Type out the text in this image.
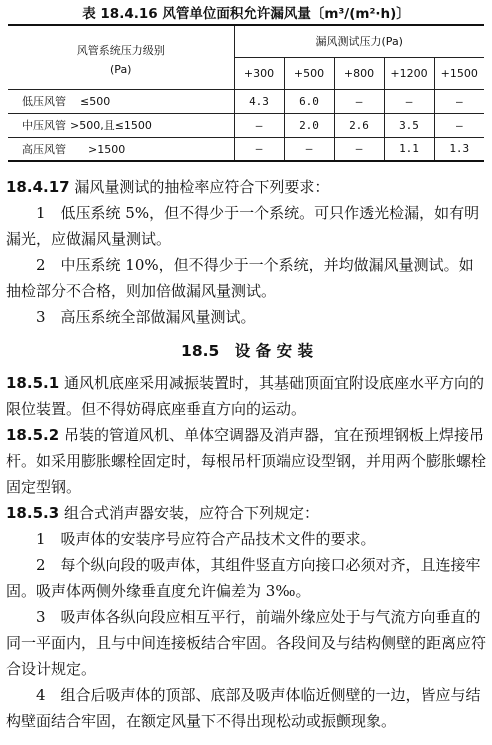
表 18.4.16 风管单位面积允许漏风量〔m³/(m²·h)〕
风管系统压力级别
(Pa)	漏风测试压力(Pa)				
	+300	+500	+800	+1200	+1500
低压风管 ≤500	4.3	6.0	—	—	—
中压风管 >500,且≤1500	—	2.0	2.6	3.5	—
高压风管 >1500	—	—	—	1.1	1.3

18.4.17 漏风量测试的抽检率应符合下列要求：

1　低压系统 5%，但不得少于一个系统。可只作透光检漏，如有明漏光，应做漏风量测试。

2　中压系统 10%，但不得少于一个系统，并均做漏风量测试。如抽检部分不合格，则加倍做漏风量测试。

3　高压系统全部做漏风量测试。

18.5　设 备 安 装

18.5.1 通风机底座采用减振装置时，其基础顶面宜附设底座水平方向的限位装置。但不得妨碍底座垂直方向的运动。

18.5.2 吊装的管道风机、单体空调器及消声器，宜在预埋钢板上焊接吊杆。如采用膨胀螺栓固定时，每根吊杆顶端应设型钢，并用两个膨胀螺栓固定型钢。

18.5.3 组合式消声器安装，应符合下列规定：

1　吸声体的安装序号应符合产品技术文件的要求。

2　每个纵向段的吸声体，其组件竖直方向接口必须对齐，且连接牢固。吸声体两侧外缘垂直度允许偏差为 3‰。

3　吸声体各纵向段应相互平行，前端外缘应处于与气流方向垂直的同一平面内，且与中间连接板结合牢固。各段间及与结构侧壁的距离应符合设计规定。

4　组合后吸声体的顶部、底部及吸声体临近侧壁的一边，皆应与结构壁面结合牢固，在额定风量下不得出现松动或振颤现象。
